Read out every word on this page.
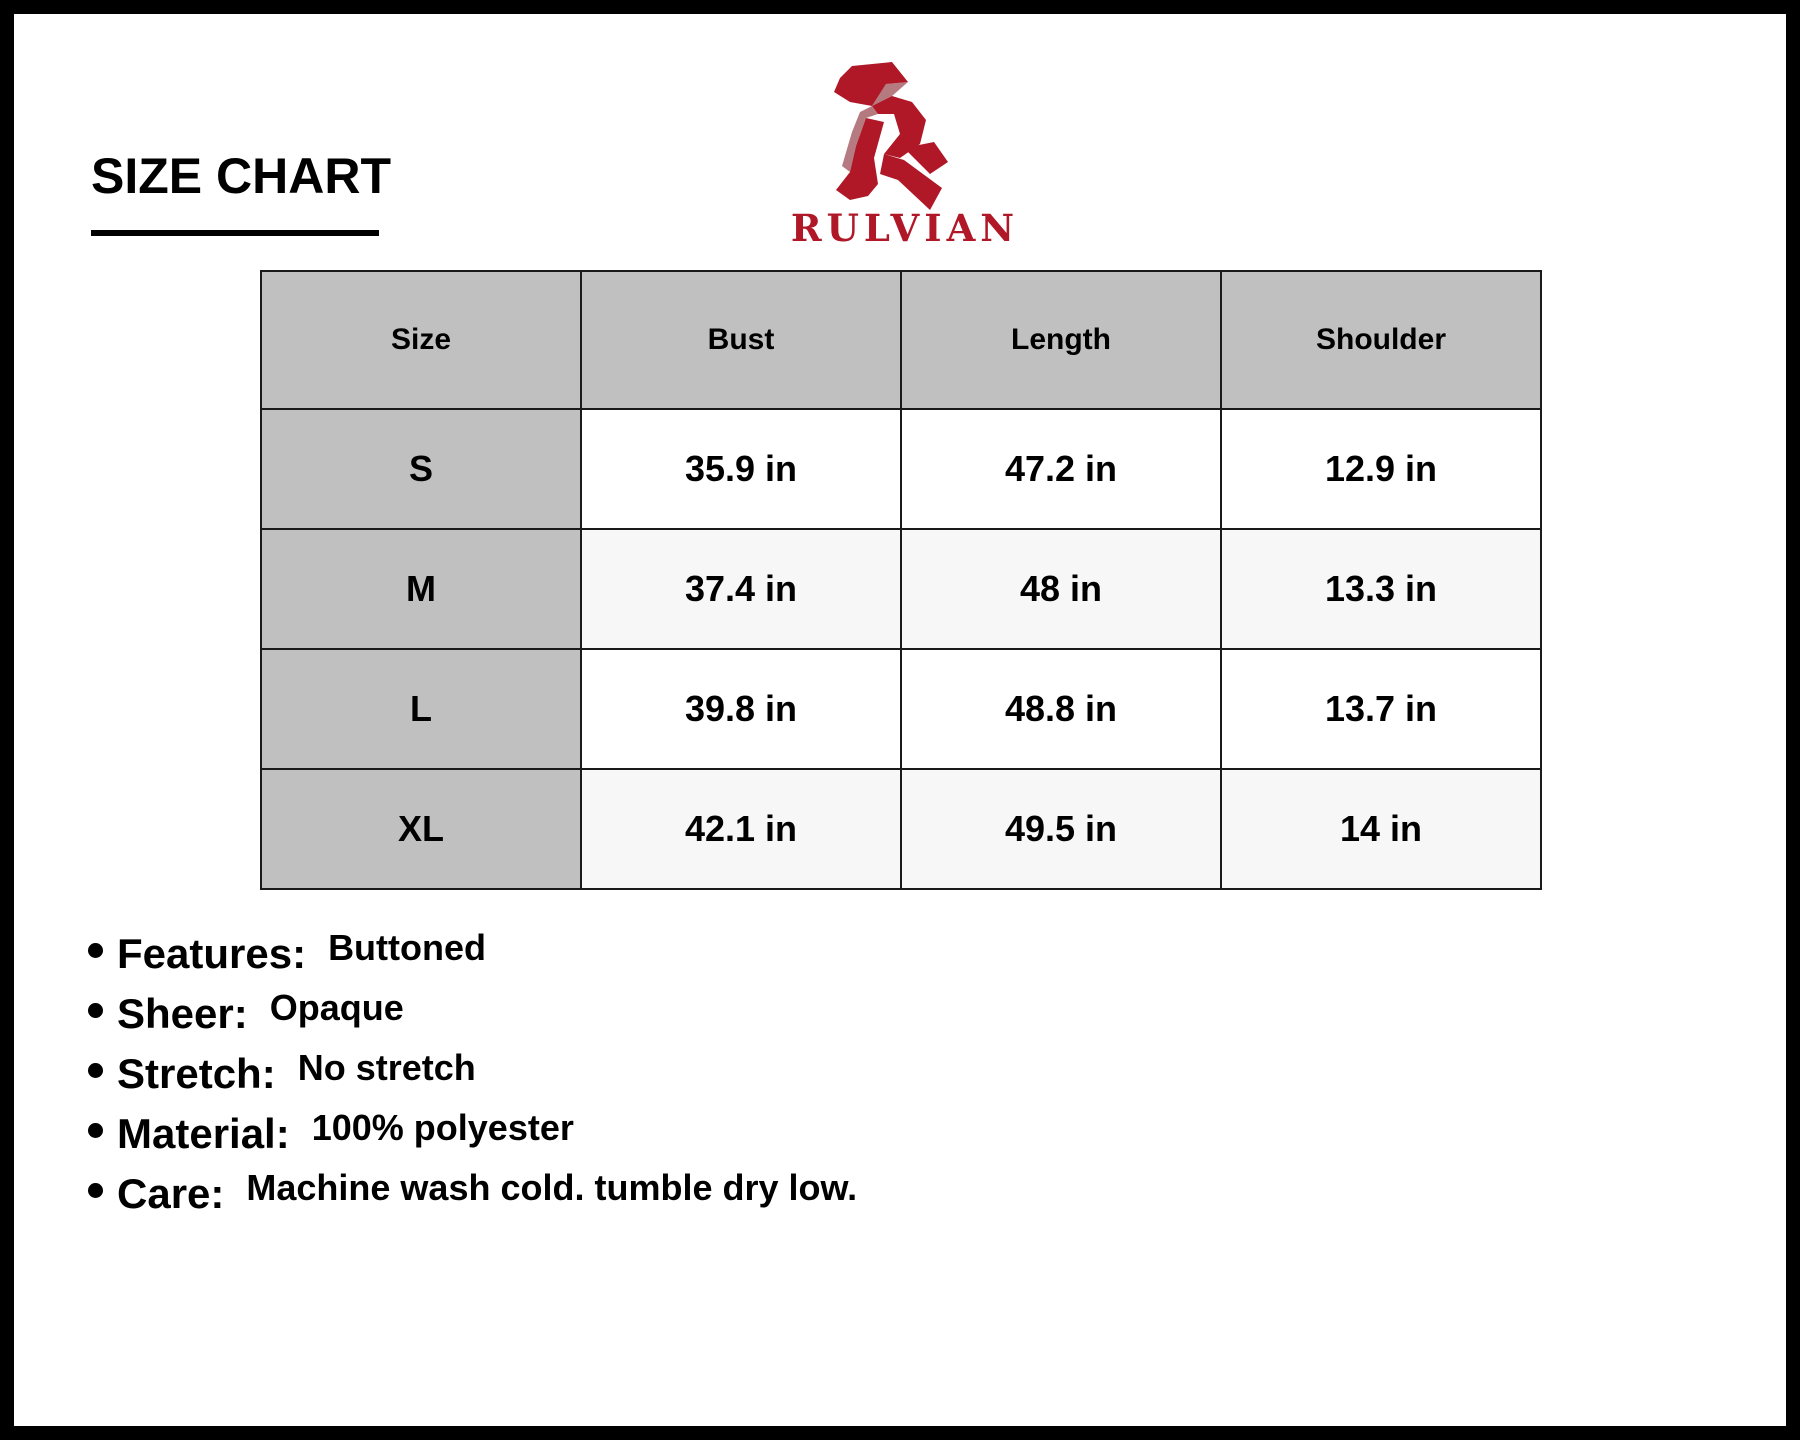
SIZE CHART
RULVIAN
Size	Bust	Length	Shoulder
S	35.9 in	47.2 in	12.9 in
M	37.4 in	48 in	13.3 in
L	39.8 in	48.8 in	13.7 in
XL	42.1 in	49.5 in	14 in
Features: Buttoned
Sheer: Opaque
Stretch: No stretch
Material: 100% polyester
Care: Machine wash cold. tumble dry low.
